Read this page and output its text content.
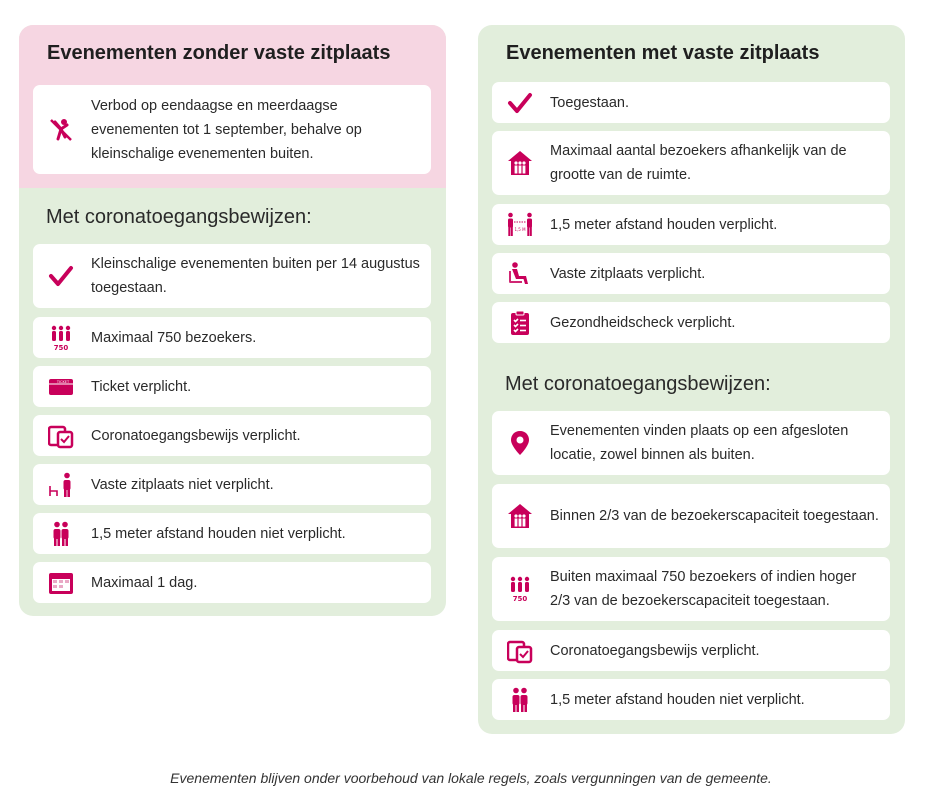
Evenementen zonder vaste zitplaats
Verbod op eendaagse en meerdaagse evenementen tot 1 september, behalve op kleinschalige evenementen buiten.
Met coronatoegangsbewijzen:
Kleinschalige evenementen buiten per 14 augustus toegestaan.
750
Maximaal 750 bezoekers.
TICKET Ticket verplicht.
Coronatoegangsbewijs verplicht.
Vaste zitplaats niet verplicht.
1,5 meter afstand houden niet verplicht.
Maximaal 1 dag.
Evenementen met vaste zitplaats
Toegestaan.
Maximaal aantal bezoekers afhankelijk van de grootte van de ruimte.
1,5 M 1,5 meter afstand houden verplicht.
Vaste zitplaats verplicht.
Gezondheidscheck verplicht.
Met coronatoegangsbewijzen:
Evenementen vinden plaats op een afgesloten locatie, zowel binnen als buiten.
Binnen 2/3 van de bezoekerscapaciteit toegestaan.
750
Buiten maximaal 750 bezoekers of indien hoger 2/3 van de bezoekerscapaciteit toegestaan.
Coronatoegangsbewijs verplicht.
1,5 meter afstand houden niet verplicht.
Evenementen blijven onder voorbehoud van lokale regels, zoals vergunningen van de gemeente.
